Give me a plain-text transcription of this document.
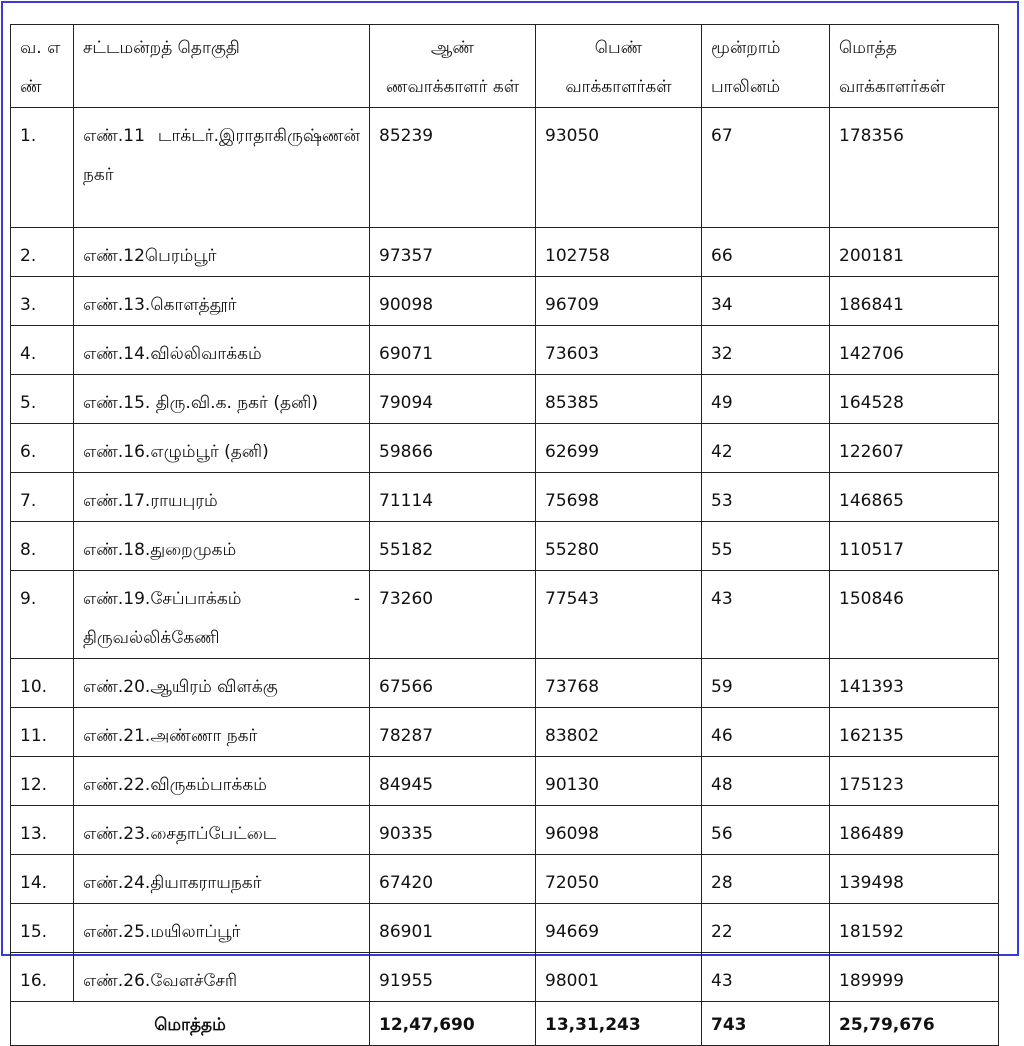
வ. எ ண்	சட்டமன்றத் தொகுதி	ஆண் ணவாக்காளர் கள்	பெண் வாக்காளர்கள்	மூன்றாம் பாலினம்	மொத்த வாக்காளர்கள்
1.	எண்.11 டாக்டர்.இராதாகிருஷ்ணன் நகர்	85239	93050	67	178356
2.	எண்.12பெரம்பூர்	97357	102758	66	200181
3.	எண்.13.கொளத்தூர்	90098	96709	34	186841
4.	எண்.14.வில்லிவாக்கம்	69071	73603	32	142706
5.	எண்.15. திரு.வி.க. நகர் (தனி)	79094	85385	49	164528
6.	எண்.16.எழும்பூர் (தனி)	59866	62699	42	122607
7.	எண்.17.ராயபுரம்	71114	75698	53	146865
8.	எண்.18.துறைமுகம்	55182	55280	55	110517
9.	எண்.19.சேப்பாக்கம் - திருவல்லிக்கேணி	73260	77543	43	150846
10.	எண்.20.ஆயிரம் விளக்கு	67566	73768	59	141393
11.	எண்.21.அண்ணா நகர்	78287	83802	46	162135
12.	எண்.22.விருகம்பாக்கம்	84945	90130	48	175123
13.	எண்.23.சைதாப்பேட்டை	90335	96098	56	186489
14.	எண்.24.தியாகராயநகர்	67420	72050	28	139498
15.	எண்.25.மயிலாப்பூர்	86901	94669	22	181592
16.	எண்.26.வேளச்சேரி	91955	98001	43	189999
மொத்தம்		12,47,690	13,31,243	743	25,79,676
